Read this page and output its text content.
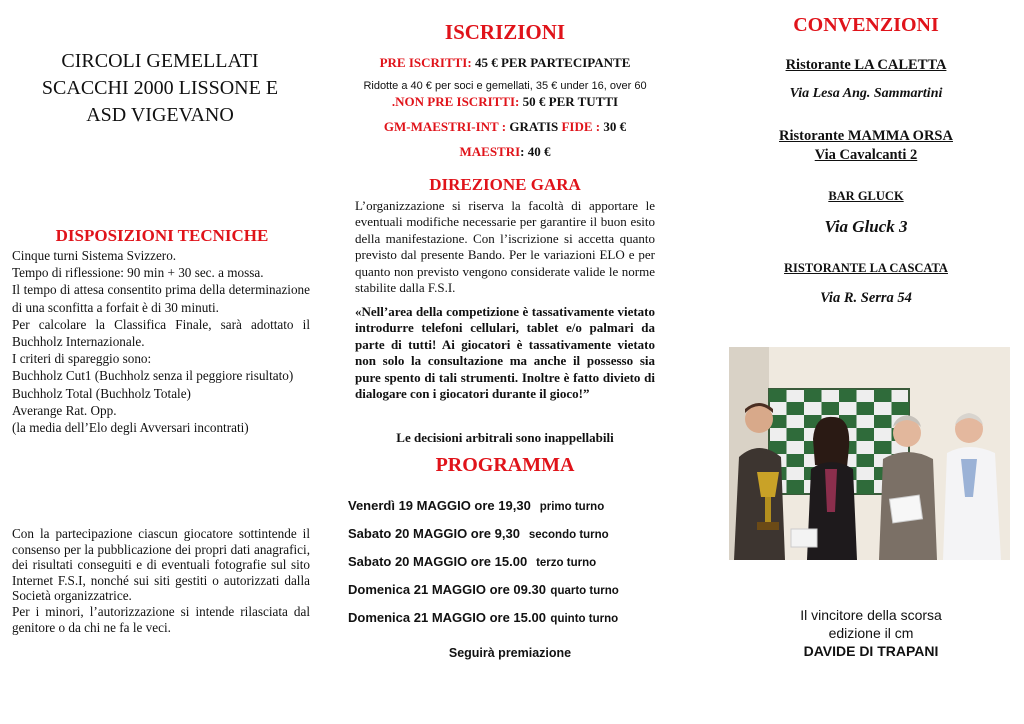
CIRCOLI GEMELLATI
SCACCHI 2000 LISSONE E
ASD VIGEVANO
DISPOSIZIONI TECNICHE

Cinque turni Sistema Svizzero.

Tempo di riflessione: 90 min + 30 sec. a mossa.

Il tempo di attesa consentito prima della determinazione di una sconfitta a forfait è di 30 minuti.

Per calcolare la Classifica Finale, sarà adottato il Buchholz Internazionale.

I criteri di spareggio sono:

Buchholz Cut1 (Buchholz senza il peggiore risultato)

Buchholz Total (Buchholz Totale)

Averange Rat. Opp.

(la media dell’Elo degli Avversari incontrati)

Con la partecipazione ciascun giocatore sottintende il consenso per la pubblicazione dei propri dati anagrafici, dei risultati conseguiti e di eventuali fotografie sul sito Internet F.S.I, nonché sui siti gestiti o autorizzati dalla Società organizzatrice.

Per i minori, l’autorizzazione si intende rilasciata dal genitore o da chi ne fa le veci.

ISCRIZIONI

PRE ISCRITTI: 45 € PER PARTECIPANTE

Ridotte a 40 € per soci e gemellati, 35 € under 16, over 60

.NON PRE ISCRITTI: 50 € PER TUTTI

GM-MAESTRI-INT : GRATIS FIDE : 30 €

MAESTRI: 40 €

DIREZIONE GARA

L’organizzazione si riserva la facoltà di apportare le eventuali modifiche necessarie per garantire il buon esito della manifestazione. Con l’iscrizione si accetta quanto previsto dal presente Bando. Per le variazioni ELO e per quanto non previsto vengono considerate valide le norme stabilite dalla F.S.I.

«Nell’area della competizione è tassativamente vietato introdurre telefoni cellulari, tablet e/o palmari da parte di tutti! Ai giocatori è tassativamente vietato non solo la consultazione ma anche il possesso sia pure spento di tali strumenti. Inoltre è fatto divieto di dialogare con i giocatori durante il gioco!”
Le decisioni arbitrali sono inappellabili
PROGRAMMA
Venerdì 19 MAGGIO ore 19,30 primo turno
Sabato 20 MAGGIO ore 9,30 secondo turno
Sabato 20 MAGGIO ore 15.00 terzo turno
Domenica 21 MAGGIO ore 09.30 quarto turno
Domenica 21 MAGGIO ore 15.00 quinto turno
Seguirà premiazione
CONVENZIONI
Ristorante LA CALETTA
Via Lesa Ang. Sammartini
Ristorante MAMMA ORSA
Via Cavalcanti 2
BAR GLUCK
Via Gluck 3
RISTORANTE LA CASCATA
Via R. Serra 54
Il vincitore della scorsa
edizione il cm
DAVIDE DI TRAPANI
